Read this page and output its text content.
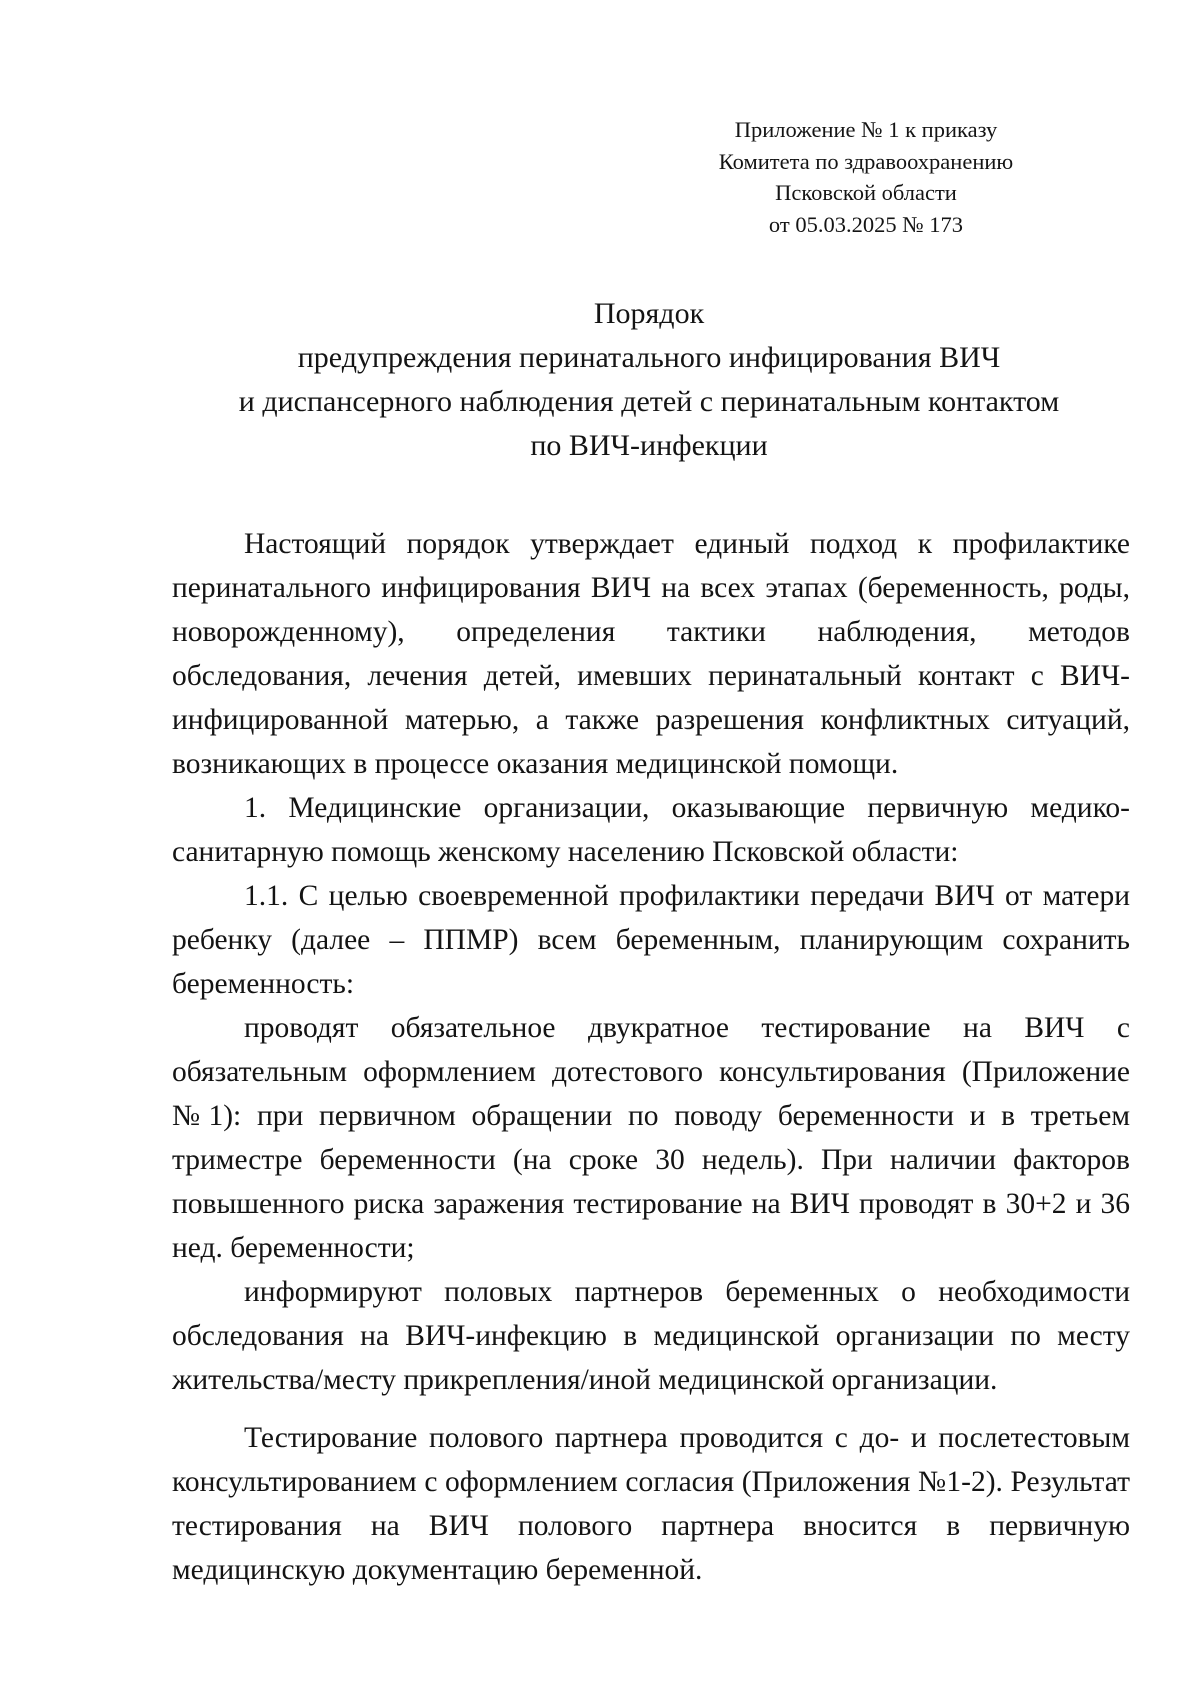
Приложение № 1 к приказу
Комитета по здравоохранению
Псковской области
от 05.03.2025 № 173
Порядок
предупреждения перинатального инфицирования ВИЧ
и диспансерного наблюдения детей с перинатальным контактом
по ВИЧ-инфекции

Настоящий порядок утверждает единый подход к профилактике перинатального инфицирования ВИЧ на всех этапах (беременность, роды, новорожденному), определения тактики наблюдения, методов обследования, лечения детей, имевших перинатальный контакт с ВИЧ-инфицированной матерью, а также разрешения конфликтных ситуаций, возникающих в процессе оказания медицинской помощи.

1. Медицинские организации, оказывающие первичную медико-санитарную помощь женскому населению Псковской области:

1.1. С целью своевременной профилактики передачи ВИЧ от матери ребенку (далее – ППМР) всем беременным, планирующим сохранить беременность:

проводят обязательное двукратное тестирование на ВИЧ с обязательным оформлением дотестового консультирования (Приложение №1): при первичном обращении по поводу беременности и в третьем триместре беременности (на сроке 30 недель). При наличии факторов повышенного риска заражения тестирование на ВИЧ проводят в 30+2 и 36 нед. беременности;

информируют половых партнеров беременных о необходимости обследования на ВИЧ-инфекцию в медицинской организации по месту жительства/месту прикрепления/иной медицинской организации.

Тестирование полового партнера проводится с до- и послетестовым консультированием с оформлением согласия (Приложения №1-2). Результат тестирования на ВИЧ полового партнера вносится в первичную медицинскую документацию беременной.
